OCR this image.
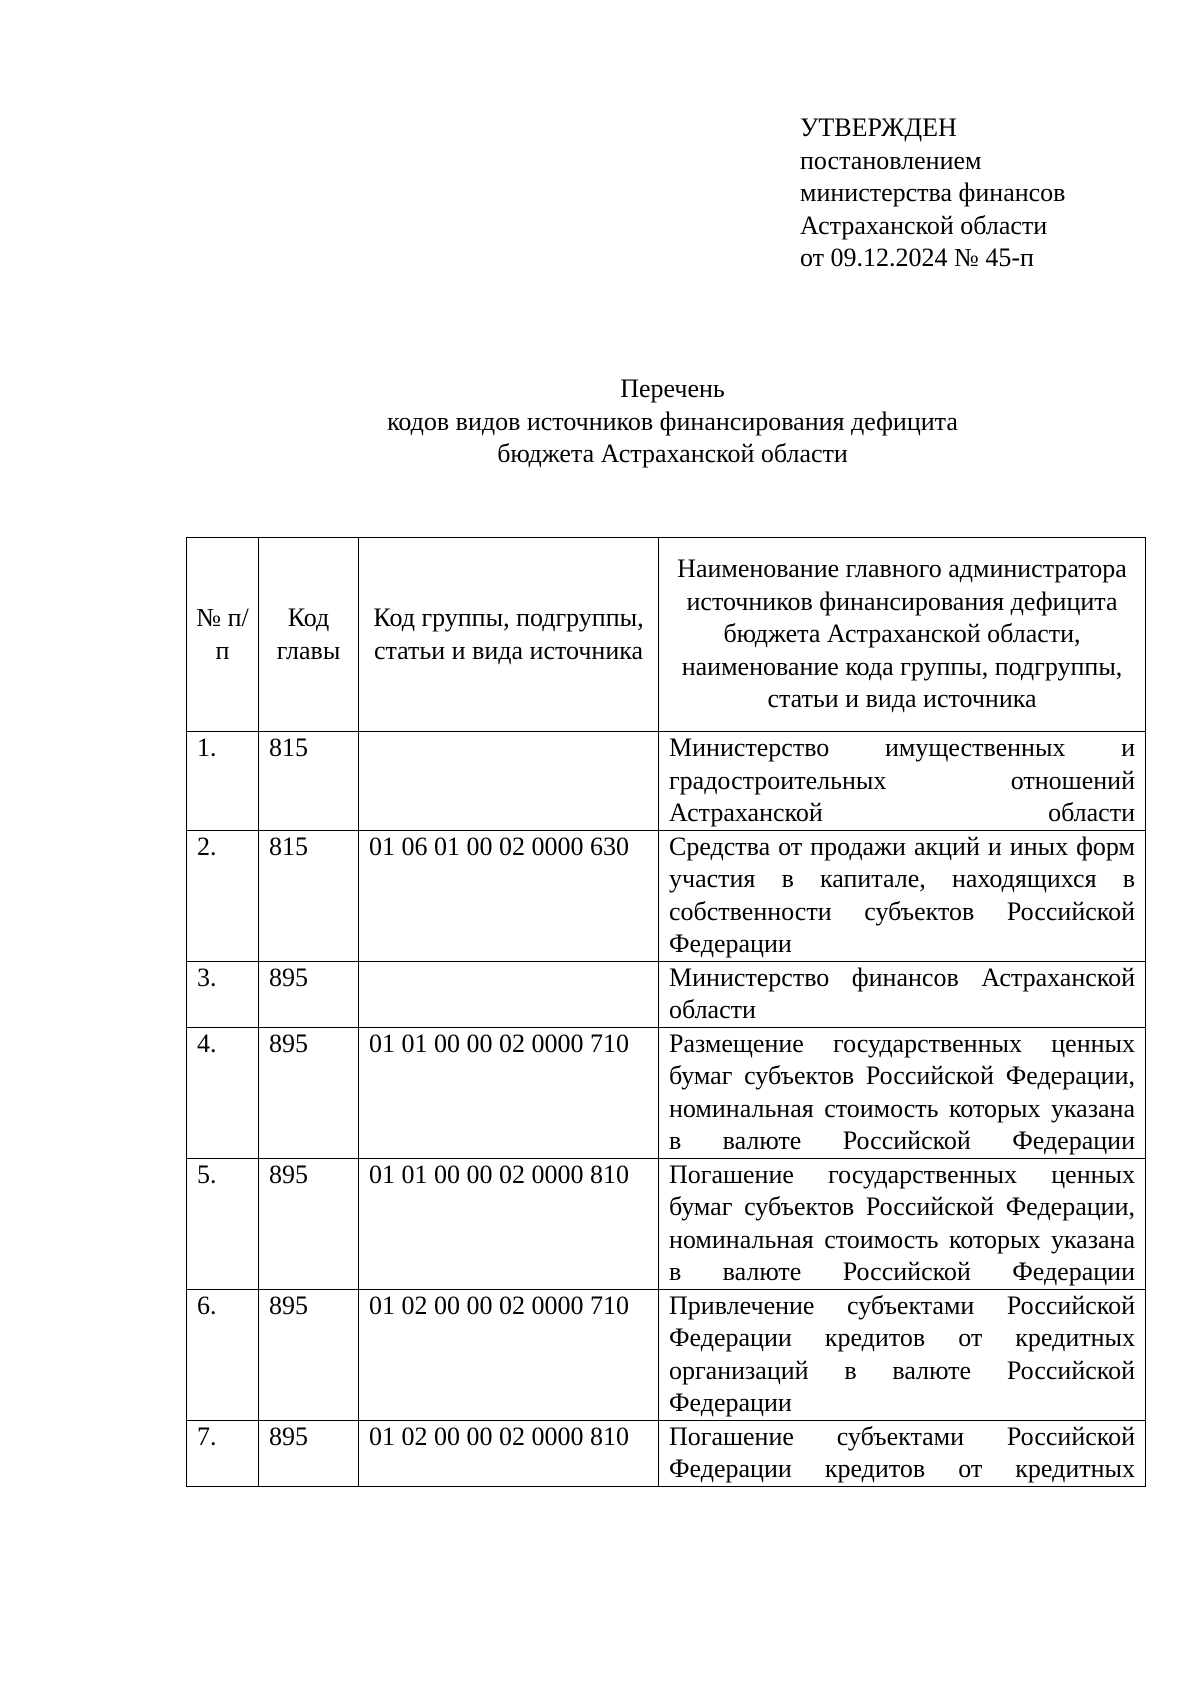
УТВЕРЖДЕН
постановлением
министерства финансов
Астраханской области
от 09.12.2024 № 45-п
Перечень
кодов видов источников финансирования дефицита
бюджета Астраханской области
№ п/п	Код главы	Код группы, подгруппы, статьи и вида источника	Наименование главного администратора источников финансирования дефицита бюджета Астраханской области, наименование кода группы, подгруппы, статьи и вида источника
1.	815		Министерство имущественных и градостроительных отношений Астраханской области
2.	815	01 06 01 00 02 0000 630	Средства от продажи акций и иных форм участия в капитале, находящихся в собственности субъектов Российской Федерации
3.	895		Министерство финансов Астраханской области
4.	895	01 01 00 00 02 0000 710	Размещение государственных ценных бумаг субъектов Российской Федерации, номинальная стоимость которых указана в валюте Российской Федерации
5.	895	01 01 00 00 02 0000 810	Погашение государственных ценных бумаг субъектов Российской Федерации, номинальная стоимость которых указана в валюте Российской Федерации
6.	895	01 02 00 00 02 0000 710	Привлечение субъектами Российской Федерации кредитов от кредитных организаций в валюте Российской Федерации
7.	895	01 02 00 00 02 0000 810	Погашение субъектами Российской Федерации кредитов от кредитных
